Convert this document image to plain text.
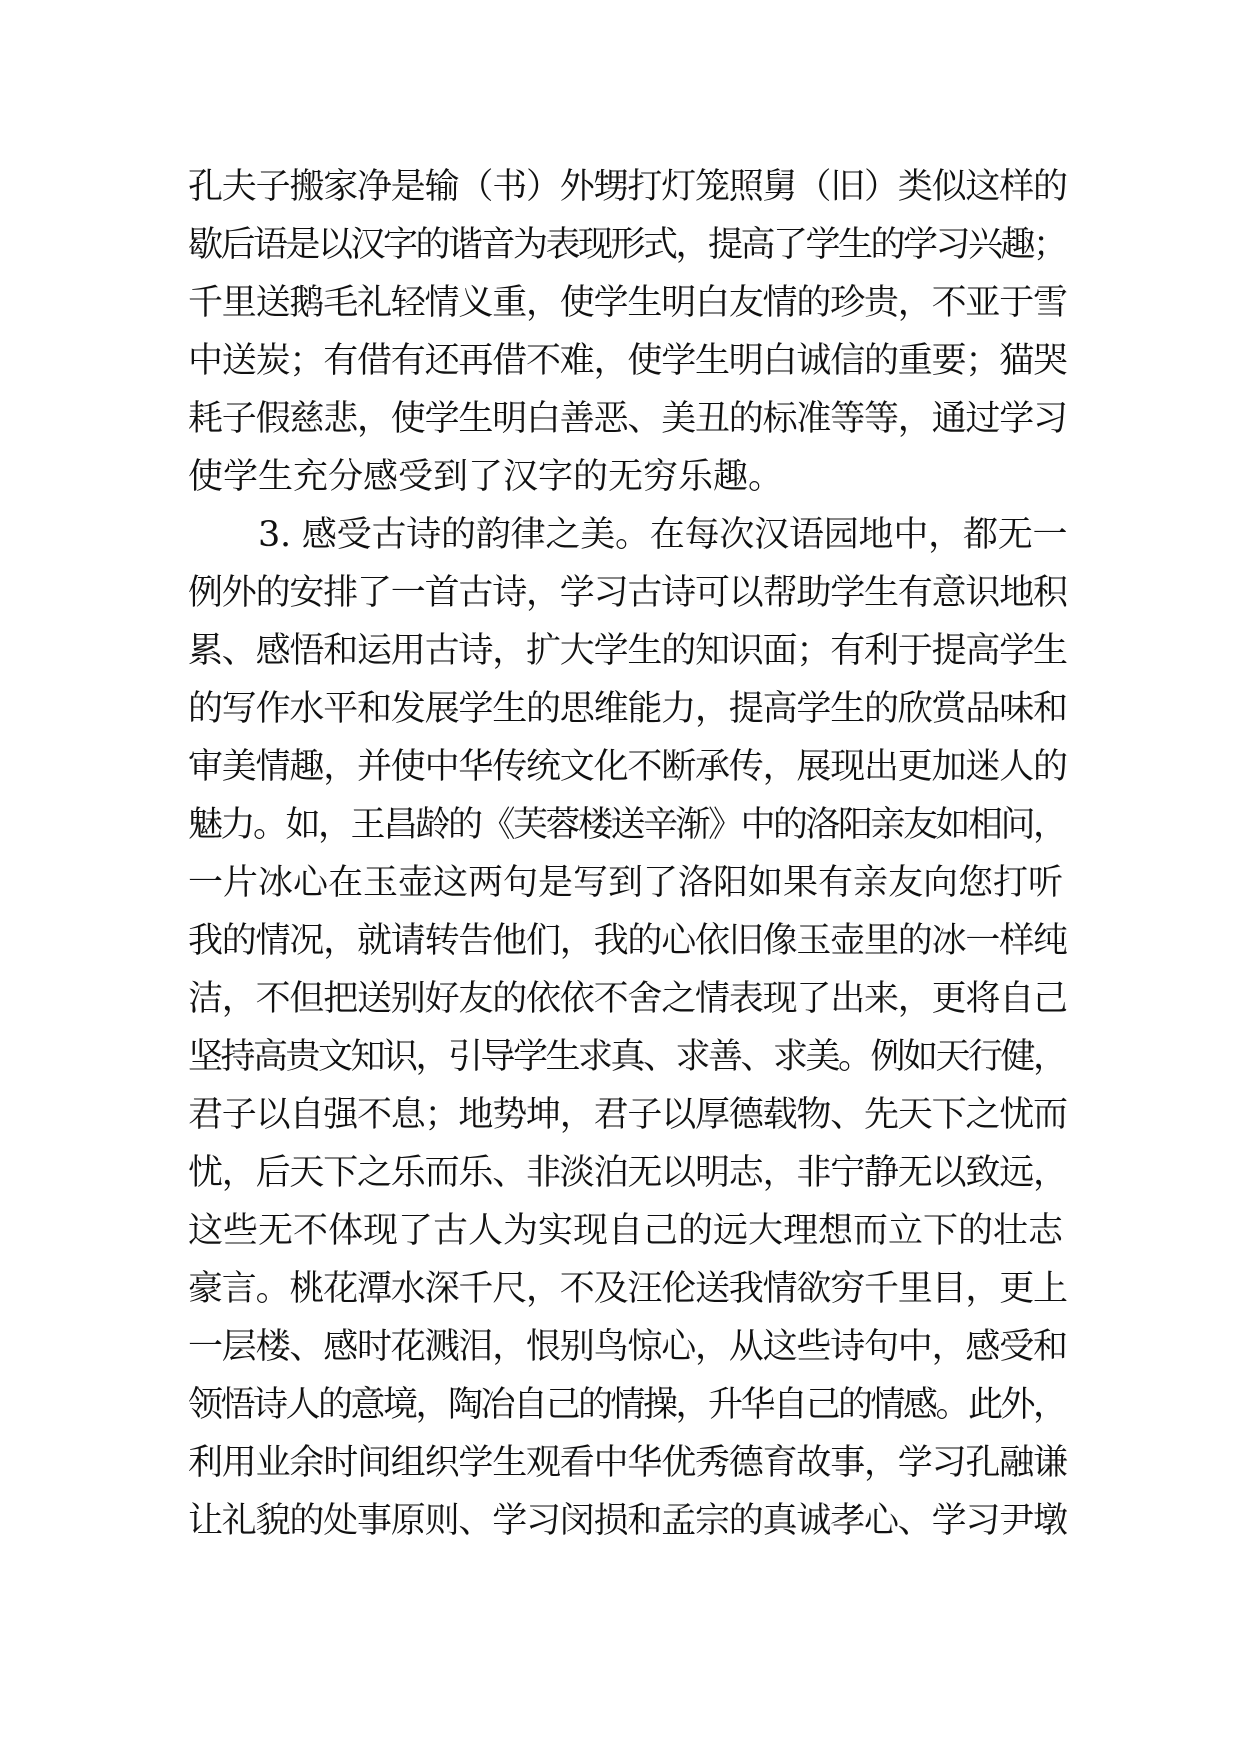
孔夫子搬家净是输（书）外甥打灯笼照舅（旧）类似这样的
歇后语是以汉字的谐音为表现形式，提高了学生的学习兴趣；
千里送鹅毛礼轻情义重，使学生明白友情的珍贵，不亚于雪
中送炭；有借有还再借不难，使学生明白诚信的重要；猫哭
耗子假慈悲，使学生明白善恶、美丑的标准等等，通过学习
使学生充分感受到了汉字的无穷乐趣。
3. 感受古诗的韵律之美。在每次汉语园地中，都无一
例外的安排了一首古诗，学习古诗可以帮助学生有意识地积
累、感悟和运用古诗，扩大学生的知识面；有利于提高学生
的写作水平和发展学生的思维能力，提高学生的欣赏品味和
审美情趣，并使中华传统文化不断承传，展现出更加迷人的
魅力。如，王昌龄的《芙蓉楼送辛渐》中的洛阳亲友如相问，
一片冰心在玉壶这两句是写到了洛阳如果有亲友向您打听
我的情况，就请转告他们，我的心依旧像玉壶里的冰一样纯
洁，不但把送别好友的依依不舍之情表现了出来，更将自己
坚持高贵文知识，引导学生求真、求善、求美。例如天行健，
君子以自强不息；地势坤，君子以厚德载物、先天下之忧而
忧，后天下之乐而乐、非淡泊无以明志，非宁静无以致远，
这些无不体现了古人为实现自己的远大理想而立下的壮志
豪言。桃花潭水深千尺，不及汪伦送我情欲穷千里目，更上
一层楼、感时花溅泪，恨别鸟惊心，从这些诗句中，感受和
领悟诗人的意境，陶冶自己的情操，升华自己的情感。此外，
利用业余时间组织学生观看中华优秀德育故事，学习孔融谦
让礼貌的处事原则、学习闵损和孟宗的真诚孝心、学习尹墩
